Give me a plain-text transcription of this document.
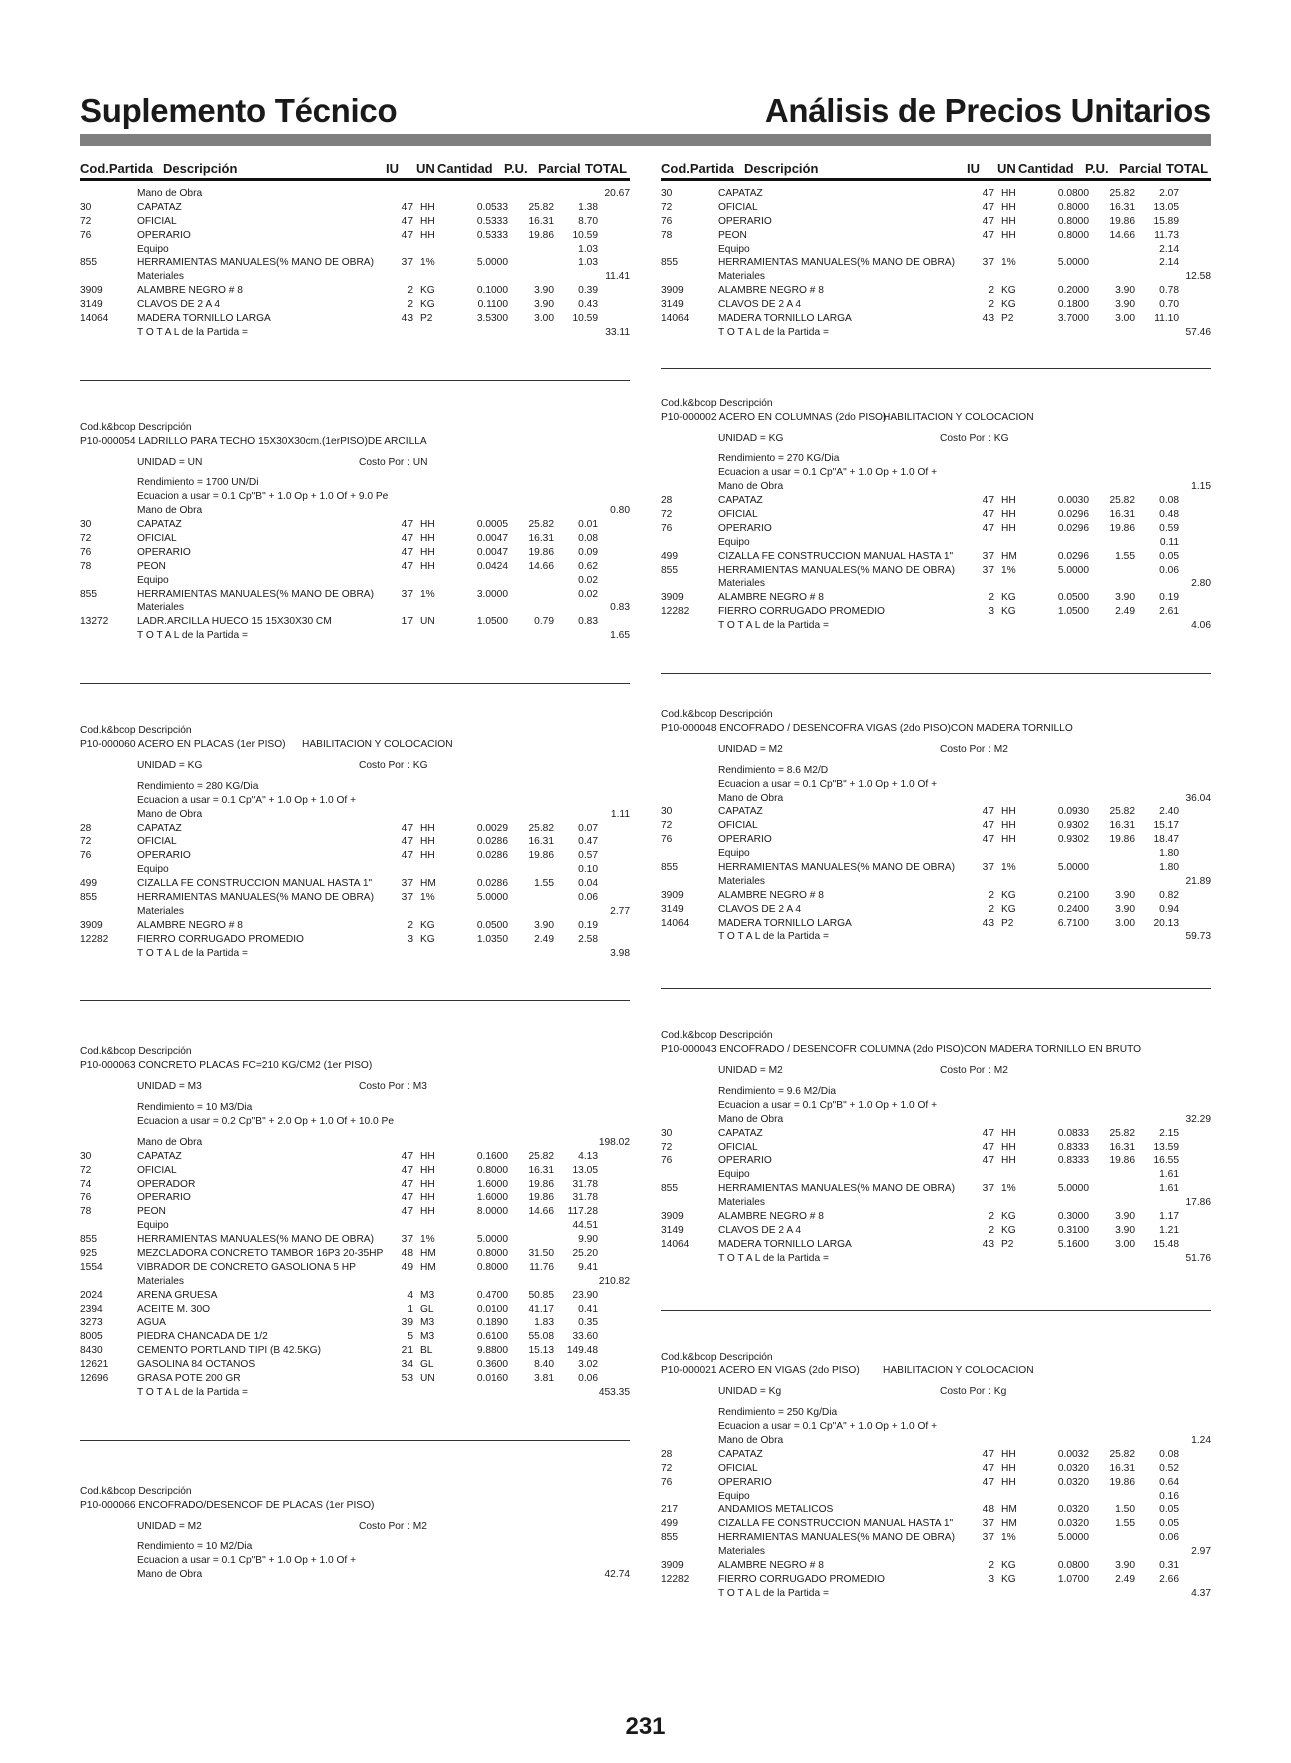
Suplemento Técnico	Análisis de Precios Unitarios
Cod.Partida Descripción	IU UN Cantidad P.U. Parcial TOTAL
Mano de Obra	20.67
30	CAPATAZ	47 HH	0.0533	25.82	1.38
72	OFICIAL	47 HH	0.5333	16.31	8.70
76	OPERARIO	47 HH	0.5333	19.86	10.59
Equipo	1.03
855	HERRAMIENTAS MANUALES(% MANO DE OBRA)	37 1%	5.0000	1.03
Materiales	11.41
3909	ALAMBRE NEGRO # 8	2 KG	0.1000	3.90	0.39
3149	CLAVOS DE 2 A 4	2 KG	0.1100	3.90	0.43
14064	MADERA TORNILLO LARGA	43 P2	3.5300	3.00	10.59
T O T A L de la Partida =	33.11
Cod.k&bcop Descripción
P10-000054 LADRILLO PARA TECHO 15X30X30cm.(1erPISO)DE ARCILLA
UNIDAD = UN	Costo Por : UN
Rendimiento = 1700 UN/Di
Ecuacion a usar = 0.1 Cp"B" + 1.0 Op + 1.0 Of + 9.0 Pe
Mano de Obra	0.80
30	CAPATAZ	47 HH	0.0005	25.82	0.01
72	OFICIAL	47 HH	0.0047	16.31	0.08
76	OPERARIO	47 HH	0.0047	19.86	0.09
78	PEON	47 HH	0.0424	14.66	0.62
Equipo	0.02
855	HERRAMIENTAS MANUALES(% MANO DE OBRA)	37 1%	3.0000	0.02
Materiales	0.83
13272	LADR.ARCILLA HUECO 15 15X30X30 CM	17 UN	1.0500	0.79	0.83
T O T A L de la Partida =	1.65
Cod.k&bcop Descripción
P10-000060 ACERO EN PLACAS (1er PISO) HABILITACION Y COLOCACION
UNIDAD = KG	Costo Por : KG
Rendimiento = 280 KG/Dia
Ecuacion a usar = 0.1 Cp"A" + 1.0 Op + 1.0 Of +
Mano de Obra	1.11
28	CAPATAZ	47 HH	0.0029	25.82	0.07
72	OFICIAL	47 HH	0.0286	16.31	0.47
76	OPERARIO	47 HH	0.0286	19.86	0.57
Equipo	0.10
499	CIZALLA FE CONSTRUCCION MANUAL HASTA 1"	37 HM	0.0286	1.55	0.04
855	HERRAMIENTAS MANUALES(% MANO DE OBRA)	37 1%	5.0000	0.06
Materiales	2.77
3909	ALAMBRE NEGRO # 8	2 KG	0.0500	3.90	0.19
12282	FIERRO CORRUGADO PROMEDIO	3 KG	1.0350	2.49	2.58
T O T A L de la Partida =	3.98
Cod.k&bcop Descripción
P10-000063 CONCRETO PLACAS FC=210 KG/CM2 (1er PISO)
UNIDAD = M3	Costo Por : M3
Rendimiento = 10 M3/Dia
Ecuacion a usar = 0.2 Cp"B" + 2.0 Op + 1.0 Of + 10.0 Pe
Mano de Obra	198.02
30	CAPATAZ	47 HH	0.1600	25.82	4.13
72	OFICIAL	47 HH	0.8000	16.31	13.05
74	OPERADOR	47 HH	1.6000	19.86	31.78
76	OPERARIO	47 HH	1.6000	19.86	31.78
78	PEON	47 HH	8.0000	14.66	117.28
Equipo	44.51
855	HERRAMIENTAS MANUALES(% MANO DE OBRA)	37 1%	5.0000	9.90
925	MEZCLADORA CONCRETO TAMBOR 16P3 20-35HP	48 HM	0.8000	31.50	25.20
1554	VIBRADOR DE CONCRETO GASOLIONA 5 HP	49 HM	0.8000	11.76	9.41
Materiales	210.82
2024	ARENA GRUESA	4 M3	0.4700	50.85	23.90
2394	ACEITE M. 30O	1 GL	0.0100	41.17	0.41
3273	AGUA	39 M3	0.1890	1.83	0.35
8005	PIEDRA CHANCADA DE 1/2	5 M3	0.6100	55.08	33.60
8430	CEMENTO PORTLAND TIPI (B 42.5KG)	21 BL	9.8800	15.13	149.48
12621	GASOLINA 84 OCTANOS	34 GL	0.3600	8.40	3.02
12696	GRASA POTE 200 GR	53 UN	0.0160	3.81	0.06
T O T A L de la Partida =	453.35
Cod.k&bcop Descripción
P10-000066 ENCOFRADO/DESENCOF DE PLACAS (1er PISO)
UNIDAD = M2	Costo Por : M2
Rendimiento = 10 M2/Dia
Ecuacion a usar = 0.1 Cp"B" + 1.0 Op + 1.0 Of +
Mano de Obra	42.74
Cod.Partida Descripción	IU UN Cantidad P.U. Parcial TOTAL
30	CAPATAZ	47 HH	0.0800	25.82	2.07
72	OFICIAL	47 HH	0.8000	16.31	13.05
76	OPERARIO	47 HH	0.8000	19.86	15.89
78	PEON	47 HH	0.8000	14.66	11.73
Equipo	2.14
855	HERRAMIENTAS MANUALES(% MANO DE OBRA)	37 1%	5.0000	2.14
Materiales	12.58
3909	ALAMBRE NEGRO # 8	2 KG	0.2000	3.90	0.78
3149	CLAVOS DE 2 A 4	2 KG	0.1800	3.90	0.70
14064	MADERA TORNILLO LARGA	43 P2	3.7000	3.00	11.10
T O T A L de la Partida =	57.46
Cod.k&bcop Descripción
P10-000002 ACERO EN COLUMNAS (2do PISO)
HABILITACION Y COLOCACION
UNIDAD = KG	Costo Por : KG
Rendimiento = 270 KG/Dia
Ecuacion a usar = 0.1 Cp"A" + 1.0 Op + 1.0 Of +
Mano de Obra	1.15
28	CAPATAZ	47 HH	0.0030	25.82	0.08
72	OFICIAL	47 HH	0.0296	16.31	0.48
76	OPERARIO	47 HH	0.0296	19.86	0.59
Equipo	0.11
499	CIZALLA FE CONSTRUCCION MANUAL HASTA 1"	37 HM	0.0296	1.55	0.05
855	HERRAMIENTAS MANUALES(% MANO DE OBRA)	37 1%	5.0000	0.06
Materiales	2.80
3909	ALAMBRE NEGRO # 8	2 KG	0.0500	3.90	0.19
12282	FIERRO CORRUGADO PROMEDIO	3 KG	1.0500	2.49	2.61
T O T A L de la Partida =	4.06
Cod.k&bcop Descripción
P10-000048 ENCOFRADO / DESENCOFRA VIGAS (2do PISO)CON MADERA TORNILLO
UNIDAD = M2	Costo Por : M2
Rendimiento = 8.6 M2/D
Ecuacion a usar = 0.1 Cp"B" + 1.0 Op + 1.0 Of +
Mano de Obra	36.04
30	CAPATAZ	47 HH	0.0930	25.82	2.40
72	OFICIAL	47 HH	0.9302	16.31	15.17
76	OPERARIO	47 HH	0.9302	19.86	18.47
Equipo	1.80
855	HERRAMIENTAS MANUALES(% MANO DE OBRA)	37 1%	5.0000	1.80
Materiales	21.89
3909	ALAMBRE NEGRO # 8	2 KG	0.2100	3.90	0.82
3149	CLAVOS DE 2 A 4	2 KG	0.2400	3.90	0.94
14064	MADERA TORNILLO LARGA	43 P2	6.7100	3.00	20.13
T O T A L de la Partida =	59.73
Cod.k&bcop Descripción
P10-000043 ENCOFRADO / DESENCOFR COLUMNA (2do PISO)CON MADERA TORNILLO EN BRUTO
UNIDAD = M2	Costo Por : M2
Rendimiento = 9.6 M2/Dia
Ecuacion a usar = 0.1 Cp"B" + 1.0 Op + 1.0 Of +
Mano de Obra	32.29
30	CAPATAZ	47 HH	0.0833	25.82	2.15
72	OFICIAL	47 HH	0.8333	16.31	13.59
76	OPERARIO	47 HH	0.8333	19.86	16.55
Equipo	1.61
855	HERRAMIENTAS MANUALES(% MANO DE OBRA)	37 1%	5.0000	1.61
Materiales	17.86
3909	ALAMBRE NEGRO # 8	2 KG	0.3000	3.90	1.17
3149	CLAVOS DE 2 A 4	2 KG	0.3100	3.90	1.21
14064	MADERA TORNILLO LARGA	43 P2	5.1600	3.00	15.48
T O T A L de la Partida =	51.76
Cod.k&bcop Descripción
P10-000021 ACERO EN VIGAS (2do PISO) HABILITACION Y COLOCACION
UNIDAD = Kg	Costo Por : Kg
Rendimiento = 250 Kg/Dia
Ecuacion a usar = 0.1 Cp"A" + 1.0 Op + 1.0 Of +
Mano de Obra	1.24
28	CAPATAZ	47 HH	0.0032	25.82	0.08
72	OFICIAL	47 HH	0.0320	16.31	0.52
76	OPERARIO	47 HH	0.0320	19.86	0.64
Equipo	0.16
217	ANDAMIOS METALICOS	48 HM	0.0320	1.50	0.05
499	CIZALLA FE CONSTRUCCION MANUAL HASTA 1"	37 HM	0.0320	1.55	0.05
855	HERRAMIENTAS MANUALES(% MANO DE OBRA)	37 1%	5.0000	0.06
Materiales	2.97
3909	ALAMBRE NEGRO # 8	2 KG	0.0800	3.90	0.31
12282	FIERRO CORRUGADO PROMEDIO	3 KG	1.0700	2.49	2.66
T O T A L de la Partida =	4.37
231
